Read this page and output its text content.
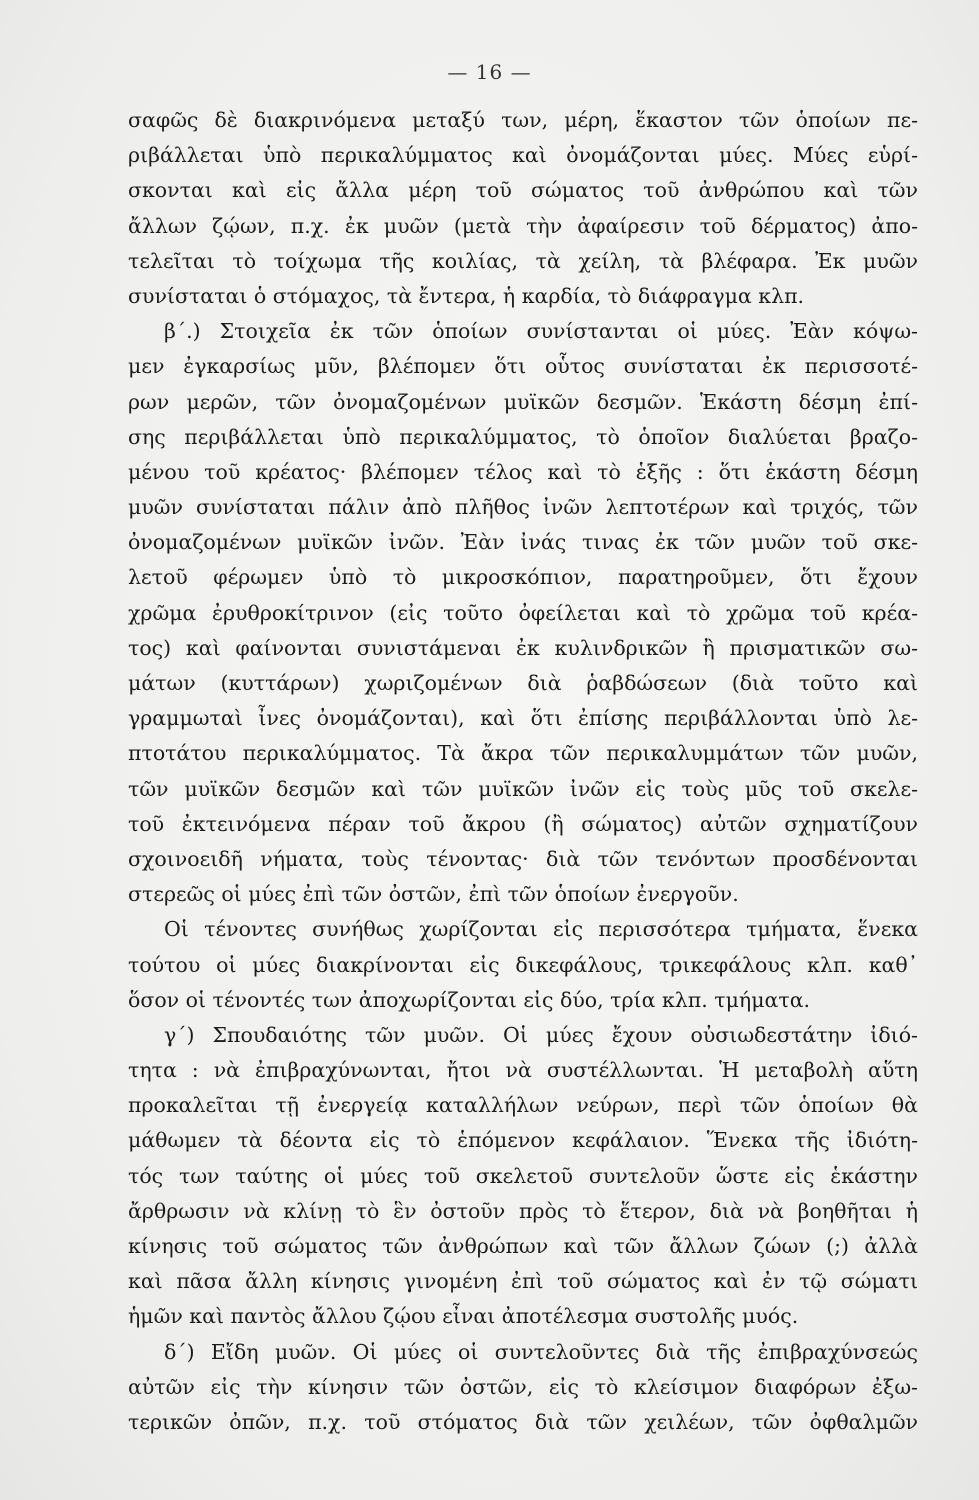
— 16 —
σαφῶς δὲ διακρινόμενα μεταξύ των, μέρη, ἕκαστον τῶν ὁποίων πε-
ριβάλλεται ὑπὸ περικαλύμματος καὶ ὀνομάζονται μύες. Μύες εὑρί-
σκονται καὶ εἰς ἄλλα μέρη τοῦ σώματος τοῦ ἀνθρώπου καὶ τῶν
ἄλλων ζῴων, π.χ. ἐκ μυῶν (μετὰ τὴν ἀφαίρεσιν τοῦ δέρματος) ἀπο-
τελεῖται τὸ τοίχωμα τῆς κοιλίας, τὰ χείλη, τὰ βλέφαρα. Ἐκ μυῶν
συνίσταται ὁ στόμαχος, τὰ ἔντερα, ἡ καρδία, τὸ διάφραγμα κλπ.
β΄.) Στοιχεῖα ἐκ τῶν ὁποίων συνίστανται οἱ μύες. Ἐὰν κόψω-
μεν ἐγκαρσίως μῦν, βλέπομεν ὅτι οὗτος συνίσταται ἐκ περισσοτέ-
ρων μερῶν, τῶν ὀνομαζομένων μυϊκῶν δεσμῶν. Ἑκάστη δέσμη ἐπί-
σης περιβάλλεται ὑπὸ περικαλύμματος, τὸ ὁποῖον διαλύεται βραζο-
μένου τοῦ κρέατος· βλέπομεν τέλος καὶ τὸ ἑξῆς : ὅτι ἑκάστη δέσμη
μυῶν συνίσταται πάλιν ἀπὸ πλῆθος ἰνῶν λεπτοτέρων καὶ τριχός, τῶν
ὀνομαζομένων μυϊκῶν ἰνῶν. Ἐὰν ἰνάς τινας ἐκ τῶν μυῶν τοῦ σκε-
λετοῦ φέρωμεν ὑπὸ τὸ μικροσκόπιον, παρατηροῦμεν, ὅτι ἔχουν
χρῶμα ἐρυθροκίτρινον (εἰς τοῦτο ὀφείλεται καὶ τὸ χρῶμα τοῦ κρέα-
τος) καὶ φαίνονται συνιστάμεναι ἐκ κυλινδρικῶν ἢ πρισματικῶν σω-
μάτων (κυττάρων) χωριζομένων διὰ ῥαβδώσεων (διὰ τοῦτο καὶ
γραμμωταὶ ἶνες ὀνομάζονται), καὶ ὅτι ἐπίσης περιβάλλονται ὑπὸ λε-
πτοτάτου περικαλύμματος. Τὰ ἄκρα τῶν περικαλυμμάτων τῶν μυῶν,
τῶν μυϊκῶν δεσμῶν καὶ τῶν μυϊκῶν ἰνῶν εἰς τοὺς μῦς τοῦ σκελε-
τοῦ ἐκτεινόμενα πέραν τοῦ ἄκρου (ἢ σώματος) αὐτῶν σχηματίζουν
σχοινοειδῆ νήματα, τοὺς τένοντας· διὰ τῶν τενόντων προσδένονται
στερεῶς οἱ μύες ἐπὶ τῶν ὀστῶν, ἐπὶ τῶν ὁποίων ἐνεργοῦν.
Οἱ τένοντες συνήθως χωρίζονται εἰς περισσότερα τμήματα, ἕνεκα
τούτου οἱ μύες διακρίνονται εἰς δικεφάλους, τρικεφάλους κλπ. καθ᾽
ὅσον οἱ τένοντές των ἀποχωρίζονται εἰς δύο, τρία κλπ. τμήματα.
γ΄) Σπουδαιότης τῶν μυῶν. Οἱ μύες ἔχουν οὐσιωδεστάτην ἰδιό-
τητα : νὰ ἐπιβραχύνωνται, ἤτοι νὰ συστέλλωνται. Ἡ μεταβολὴ αὕτη
προκαλεῖται τῇ ἐνεργείᾳ καταλλήλων νεύρων, περὶ τῶν ὁποίων θὰ
μάθωμεν τὰ δέοντα εἰς τὸ ἑπόμενον κεφάλαιον. Ἕνεκα τῆς ἰδιότη-
τός των ταύτης οἱ μύες τοῦ σκελετοῦ συντελοῦν ὥστε εἰς ἑκάστην
ἄρθρωσιν νὰ κλίνῃ τὸ ἓν ὀστοῦν πρὸς τὸ ἕτερον, διὰ νὰ βοηθῆται ἡ
κίνησις τοῦ σώματος τῶν ἀνθρώπων καὶ τῶν ἄλλων ζώων (;) ἀλλὰ
καὶ πᾶσα ἄλλη κίνησις γινομένη ἐπὶ τοῦ σώματος καὶ ἐν τῷ σώματι
ἡμῶν καὶ παντὸς ἄλλου ζῴου εἶναι ἀποτέλεσμα συστολῆς μυός.
δ΄) Εἴδη μυῶν. Οἱ μύες οἱ συντελοῦντες διὰ τῆς ἐπιβραχύνσεώς
αὐτῶν εἰς τὴν κίνησιν τῶν ὀστῶν, εἰς τὸ κλείσιμον διαφόρων ἐξω-
τερικῶν ὀπῶν, π.χ. τοῦ στόματος διὰ τῶν χειλέων, τῶν ὀφθαλμῶν
